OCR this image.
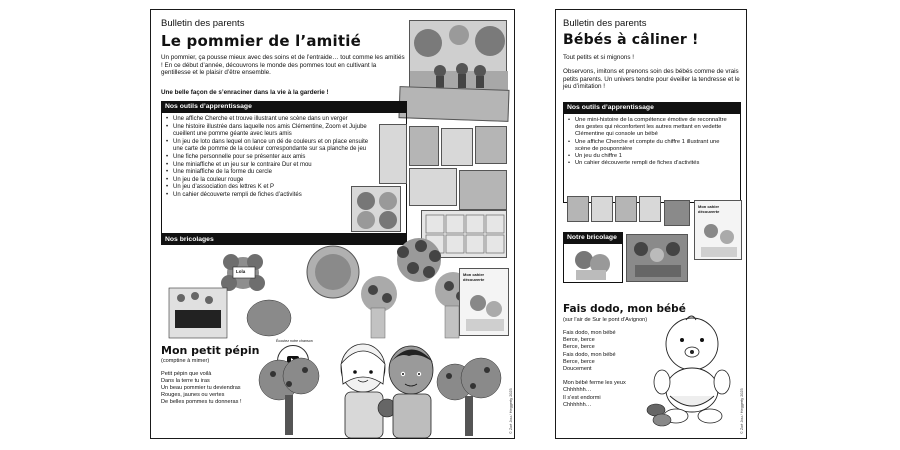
Bulletin des parents
Le pommier de l’amitié
Un pommier, ça pousse mieux avec des soins et de l’entraide… tout comme les amitiés ! En ce début d’année, découvrons le monde des pommes tout en cultivant la gentillesse et le plaisir d’être ensemble.
Une belle façon de s’enraciner dans la vie à la garderie !
Nos outils d’apprentissage
• Une affiche Cherche et trouve illustrant une scène dans un verger
• Une histoire illustrée dans laquelle nos amis Clémentine, Zoom et Jujube cueillent une pomme géante avec leurs amis
• Un jeu de loto dans lequel on lance un dé de couleurs et on place ensuite une carte de pomme de la couleur correspondante sur sa planche de jeu
• Une fiche personnelle pour se présenter aux amis
• Une miniaffiche et un jeu sur le contraire Dur et mou
• Une miniaffiche de la forme du cercle
• Un jeu de la couleur rouge
• Un jeu d’association des lettres K et P
• Un cahier découverte rempli de fiches d’activités
Nos bricolages
Lola
Mon cahier découverte
Mon petit pépin
(comptine à mimer)
Petit pépin que voilà
Dans la terre tu iras
Un beau pommier tu deviendras
Rouges, jaunes ou vertes
De belles pommes tu donneras !
Écoutez notre chanson
© Zoé Jou / Heggerty 2025
Bulletin des parents
Bébés à câliner !
Tout petits et si mignons !
Observons, imitons et prenons soin des bébés comme de vrais petits parents. Un univers tendre pour éveiller la tendresse et le jeu d’imitation !
Nos outils d’apprentissage
• Une mini-histoire de la compétence émotive de reconnaître des gestes qui réconfortent les autres mettant en vedette Clémentine qui console un bébé
• Une affiche Cherche et compte du chiffre 1 illustrant une scène de pouponnière
• Un jeu du chiffre 1
• Un cahier découverte rempli de fiches d’activités
Mon cahier découverte
Notre bricolage
Fais dodo, mon bébé
(sur l’air de Sur le pont d’Avignon)
Fais dodo, mon bébé
Berce, berce
Berce, berce
Fais dodo, mon bébé
Berce, berce
Doucement
Mon bébé ferme les yeux
Chhhhhh…
Il s’est endormi
Chhhhhh…	© Zoé Jou / Heggerty 2025
